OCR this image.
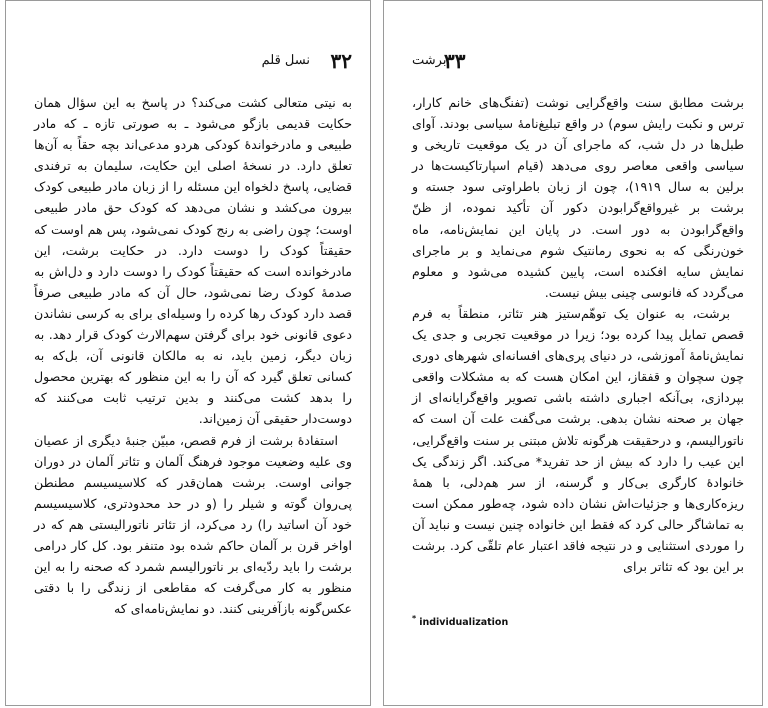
۳۲
نسل قلم

به نیتی متعالی کشت می‌کند؟ در پاسخ به این سؤال همان حکایت قدیمی بازگو می‌شود ـ به صورتی تازه ـ که مادر طبیعی و مادرخواندهٔ کودکی هردو مدعی‌اند بچه حقاً به آن‌ها تعلق دارد. در نسخهٔ اصلی این حکایت، سلیمان به ترفندی قضایی، پاسخ دلخواه این مسئله را از زبان مادر طبیعی کودک بیرون می‌کشد و نشان می‌دهد که کودک حق مادر طبیعی اوست؛ چون راضی به رنج کودک نمی‌شود، پس هم اوست که حقیقتاً کودک را دوست دارد. در حکایت برشت، این مادرخوانده است که حقیقتاً کودک را دوست دارد و دل‌اش به صدمهٔ کودک رضا نمی‌شود، حال آن که مادر طبیعی صرفاً قصد دارد کودک رها کرده را وسیله‌ای برای به کرسی نشاندن دعوی قانونی خود برای گرفتن سهم‌الارث کودک قرار دهد. به زبان دیگر، زمین باید، نه به مالکان قانونی آن، بل‌که به کسانی تعلق گیرد که آن را به این منظور که بهترین محصول را بدهد کشت می‌کنند و بدین ترتیب ثابت می‌کنند که دوست‌دار حقیقی آن زمین‌اند.

استفادهٔ برشت از فرم قصص، مبیّن جنبهٔ دیگری از عصیان وی علیه وضعیت موجود فرهنگ آلمان و تئاتر آلمان در دوران جوانی اوست. برشت همان‌قدر که کلاسیسیسم مطنطن پی‌روان گوته و شیلر را (و در حد محدودتری، کلاسیسیسم خود آن اساتید را) رد می‌کرد، از تئاتر ناتورالیستی هم که در اواخر قرن بر آلمان حاکم شده بود متنفر بود. کل کار درامی برشت را باید ردّیه‌ای بر ناتورالیسم شمرد که صحنه را به این منظور به کار می‌گرفت که مقاطعی از زندگی را با دقتی عکس‌گونه بازآفرینی کنند. دو نمایش‌نامه‌ای که

برشت
۳۳

برشت مطابق سنت واقع‌گرایی نوشت (تفنگ‌های خانم کارار، ترس و نکبت رایش سوم) در واقع تبلیغ‌نامهٔ سیاسی بودند. آوای طبل‌ها در دل شب، که ماجرای آن در یک موقعیت تاریخی و سیاسی واقعی معاصر روی می‌دهد (قیام اسپارتاکیست‌ها در برلین به سال ۱۹۱۹)، چون از زبان باطراوتی سود جسته و برشت بر غیرواقع‌گرابودن دکور آن تأکید نموده، از ظنّ واقع‌گرابودن به دور است. در پایان این نمایش‌نامه، ماه خون‌رنگی که به نحوی رمانتیک شوم می‌نماید و بر ماجرای نمایش سایه افکنده است، پایین کشیده می‌شود و معلوم می‌گردد که فانوسی چینی بیش نیست.

برشت، به عنوان یک توهّم‌ستیز هنر تئاتر، منطقاً به فرم قصص تمایل پیدا کرده بود؛ زیرا در موقعیت تجربی و جدی یک نمایش‌نامهٔ آموزشی، در دنیای پری‌های افسانه‌ای شهرهای دوری چون سچوان و قفقاز، این امکان هست که به مشکلات واقعی بپردازی، بی‌آنکه اجباری داشته باشی تصویر واقع‌گرایانه‌ای از جهان بر صحنه نشان بدهی. برشت می‌گفت علت آن است که ناتورالیسم، و درحقیقت هرگونه تلاش مبتنی بر سنت واقع‌گرایی، این عیب را دارد که بیش از حد تفرید* می‌کند. اگر زندگی یک خانوادهٔ کارگری بی‌کار و گرسنه، از سر هم‌دلی، با همهٔ ریزه‌کاری‌ها و جزئیات‌اش نشان داده شود، چه‌طور ممکن است به تماشاگر حالی کرد که فقط این خانواده چنین نیست و نباید آن را موردی استثنایی و در نتیجه فاقد اعتبار عام تلقّی کرد. برشت بر این بود که تئاتر برای

* individualization
